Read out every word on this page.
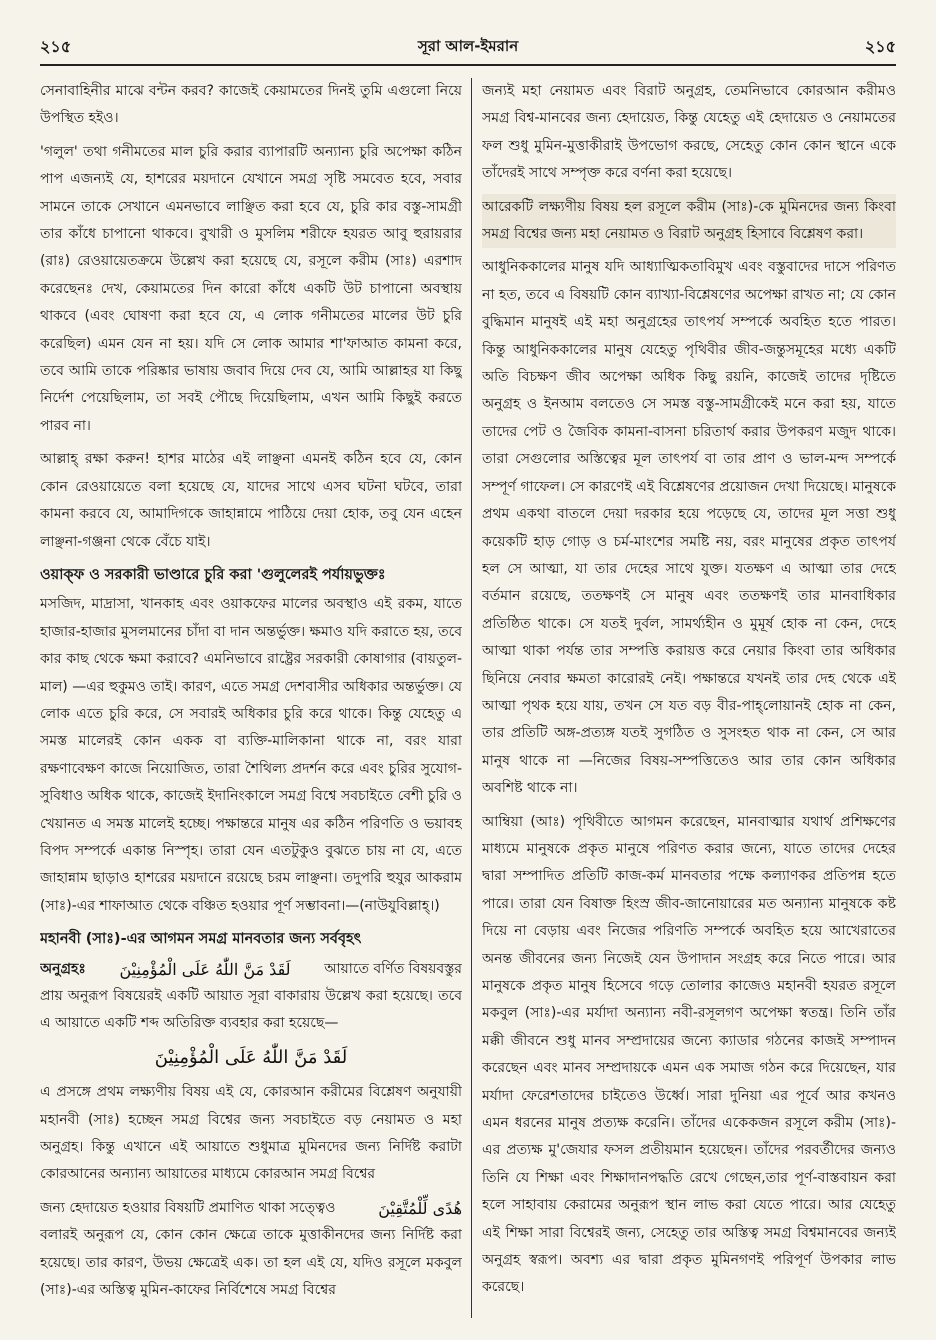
২১৫	সূরা আল-ইমরান	২১৫

সেনাবাহিনীর মাঝে বন্টন করব? কাজেই কেয়ামতের দিনই তুমি এগুলো নিয়ে উপস্থিত হইও।

'গলুল' তথা গনীমতের মাল চুরি করার ব্যাপারটি অন্যান্য চুরি অপেক্ষা কঠিন পাপ এজন্যই যে, হাশরের ময়দানে যেখানে সমগ্র সৃষ্টি সমবেত হবে, সবার সামনে তাকে সেখানে এমনভাবে লাঞ্ছিত করা হবে যে, চুরি কার বস্তু-সামগ্রী তার কাঁধে চাপানো থাকবে। বুখারী ও মুসলিম শরীফে হযরত আবু হুরায়রার (রাঃ) রেওয়ায়েতক্রমে উল্লেখ করা হয়েছে যে, রসূলে করীম (সাঃ) এরশাদ করেছেনঃ দেখ, কেয়ামতের দিন কারো কাঁধে একটি উট চাপানো অবস্থায় থাকবে (এবং ঘোষণা করা হবে যে, এ লোক গনীমতের মালের উট চুরি করেছিল) এমন যেন না হয়। যদি সে লোক আমার শা'ফাআত কামনা করে, তবে আমি তাকে পরিষ্কার ভাষায় জবাব দিয়ে দেব যে, আমি আল্লাহর যা কিছু নির্দেশ পেয়েছিলাম, তা সবই পৌছে দিয়েছিলাম, এখন আমি কিছুই করতে পারব না।

আল্লাহ্ রক্ষা করুন! হাশর মাঠের এই লাঞ্ছনা এমনই কঠিন হবে যে, কোন কোন রেওয়ায়েতে বলা হয়েছে যে, যাদের সাথে এসব ঘটনা ঘটবে, তারা কামনা করবে যে, আমাদিগকে জাহান্নামে পাঠিয়ে দেয়া হোক, তবু যেন এহেন লাঞ্ছনা-গঞ্জনা থেকে বেঁচে যাই।

ওয়াক্ফ ও সরকারী ভাণ্ডারে চুরি করা 'গুলুলেরই পর্যায়ভুক্তঃ

মসজিদ, মাদ্রাসা, খানকাহ এবং ওয়াকফের মালের অবস্থাও এই রকম, যাতে হাজার-হাজার মুসলমানের চাঁদা বা দান অন্তর্ভুক্ত। ক্ষমাও যদি করাতে হয়, তবে কার কাছ থেকে ক্ষমা করাবে? এমনিভাবে রাষ্ট্রের সরকারী কোষাগার (বায়তুল-মাল) —এর হুকুমও তাই। কারণ, এতে সমগ্র দেশবাসীর অধিকার অন্তর্ভুক্ত। যে লোক এতে চুরি করে, সে সবারই অধিকার চুরি করে থাকে। কিন্তু যেহেতু এ সমস্ত মালেরই কোন একক বা ব্যক্তি-মালিকানা থাকে না, বরং যারা রক্ষণাবেক্ষণ কাজে নিয়োজিত, তারা শৈথিল্য প্রদর্শন করে এবং চুরির সুযোগ-সুবিধাও অধিক থাকে, কাজেই ইদানিংকালে সমগ্র বিশ্বে সবচাইতে বেশী চুরি ও খেয়ানত এ সমস্ত মালেই হচ্ছে। পক্ষান্তরে মানুষ এর কঠিন পরিণতি ও ভয়াবহ বিপদ সম্পর্কে একান্ত নিস্পৃহ। তারা যেন এতটুকুও বুঝতে চায় না যে, এতে জাহান্নাম ছাড়াও হাশরের ময়দানে রয়েছে চরম লাঞ্ছনা। তদুপরি হুযুর আকরাম (সাঃ)-এর শাফাআত থেকে বঞ্চিত হওয়ার পূর্ণ সম্ভাবনা।—(নাউযুবিল্লাহ্।)

মহানবী (সাঃ)-এর আগমন সমগ্র মানবতার জন্য সর্ববৃহৎ
অনুগ্রহঃ لَقَدْ مَنَّ اللّٰهُ عَلَى الْمُؤْمِنِيْنَ আয়াতে বর্ণিত বিষয়বস্তুর

প্রায় অনুরূপ বিষয়েরই একটি আয়াত সূরা বাকারায় উল্লেখ করা হয়েছে। তবে এ আয়াতে একটি শব্দ অতিরিক্ত ব্যবহার করা হয়েছে—

لَقَدْ مَنَّ اللّٰهُ عَلَى الْمُؤْمِنِيْنَ

এ প্রসঙ্গে প্রথম লক্ষ্যণীয় বিষয় এই যে, কোরআন করীমের বিশ্লেষণ অনুযায়ী মহানবী (সাঃ) হচ্ছেন সমগ্র বিশ্বের জন্য সবচাইতে বড় নেয়ামত ও মহা অনুগ্রহ। কিন্তু এখানে এই আয়াতে শুধুমাত্র মুমিনদের জন্য নির্দিষ্ট করাটা কোরআনের অন্যান্য আয়াতের মাধ্যমে কোরআন সমগ্র বিশ্বের

জন্য হেদায়েত হওয়ার বিষয়টি প্রমাণিত থাকা সত্ত্বেও	هُدًى لِّلْمُتَّقِيْنَ

বলারই অনুরূপ যে, কোন কোন ক্ষেত্রে তাকে মুত্তাকীনদের জন্য নির্দিষ্ট করা হয়েছে। তার কারণ, উভয় ক্ষেত্রেই এক। তা হল এই যে, যদিও রসূলে মকবুল (সাঃ)-এর অস্তিত্ব মুমিন-কাফের নির্বিশেষে সমগ্র বিশ্বের

জন্যই মহা নেয়ামত এবং বিরাট অনুগ্রহ, তেমনিভাবে কোরআন করীমও সমগ্র বিশ্ব-মানবের জন্য হেদায়েত, কিন্তু যেহেতু এই হেদায়েত ও নেয়ামতের ফল শুধু মুমিন-মুত্তাকীরাই উপভোগ করছে, সেহেতু কোন কোন স্থানে একে তাঁদেরই সাথে সম্পৃক্ত করে বর্ণনা করা হয়েছে।

আরেকটি লক্ষ্যণীয় বিষয় হল রসূলে করীম (সাঃ)-কে মুমিনদের জন্য কিংবা সমগ্র বিশ্বের জন্য মহা নেয়ামত ও বিরাট অনুগ্রহ হিসাবে বিশ্লেষণ করা।

আধুনিককালের মানুষ যদি আধ্যাত্মিকতাবিমুখ এবং বস্তুবাদের দাসে পরিণত না হত, তবে এ বিষয়টি কোন ব্যাখ্যা-বিশ্লেষণের অপেক্ষা রাখত না; যে কোন বুদ্ধিমান মানুষই এই মহা অনুগ্রহের তাৎপর্য সম্পর্কে অবহিত হতে পারত। কিন্তু আধুনিককালের মানুষ যেহেতু পৃথিবীর জীব-জন্তুসমূহের মধ্যে একটি অতি বিচক্ষণ জীব অপেক্ষা অধিক কিছু রয়নি, কাজেই তাদের দৃষ্টিতে অনুগ্রহ ও ইনআম বলতেও সে সমস্ত বস্তু-সামগ্রীকেই মনে করা হয়, যাতে তাদের পেট ও জৈবিক কামনা-বাসনা চরিতার্থ করার উপকরণ মজুদ থাকে। তারা সেগুলোর অস্তিত্বের মূল তাৎপর্য বা তার প্রাণ ও ভাল-মন্দ সম্পর্কে সম্পূর্ণ গাফেল। সে কারণেই এই বিশ্লেষণের প্রয়োজন দেখা দিয়েছে। মানুষকে প্রথম একথা বাতলে দেয়া দরকার হয়ে পড়েছে যে, তাদের মূল সত্তা শুধু কয়েকটি হাড় গোড় ও চর্ম-মাংশের সমষ্টি নয়, বরং মানুষের প্রকৃত তাৎপর্য হল সে আত্মা, যা তার দেহের সাথে যুক্ত। যতক্ষণ এ আত্মা তার দেহে বর্তমান রয়েছে, ততক্ষণই সে মানুষ এবং ততক্ষণই তার মানবাধিকার প্রতিষ্ঠিত থাকে। সে যতই দুর্বল, সামর্থ্যহীন ও মুমূর্ষ হোক না কেন, দেহে আত্মা থাকা পর্যন্ত তার সম্পত্তি করায়ত্ত করে নেয়ার কিংবা তার অধিকার ছিনিয়ে নেবার ক্ষমতা কারোরই নেই। পক্ষান্তরে যখনই তার দেহ থেকে এই আত্মা পৃথক হয়ে যায়, তখন সে যত বড় বীর-পাহ্‌লোয়ানই হোক না কেন, তার প্রতিটি অঙ্গ-প্রত্যঙ্গ যতই সুগঠিত ও সুসংহত থাক না কেন, সে আর মানুষ থাকে না —নিজের বিষয়-সম্পত্তিতেও আর তার কোন অধিকার অবশিষ্ট থাকে না।

আম্বিয়া (আঃ) পৃথিবীতে আগমন করেছেন, মানবাত্মার যথার্থ প্রশিক্ষণের মাধ্যমে মানুষকে প্রকৃত মানুষে পরিণত করার জন্যে, যাতে তাদের দেহের দ্বারা সম্পাদিত প্রতিটি কাজ-কর্ম মানবতার পক্ষে কল্যাণকর প্রতিপন্ন হতে পারে। তারা যেন বিষাক্ত হিংস্র জীব-জানোয়ারের মত অন্যান্য মানুষকে কষ্ট দিয়ে না বেড়ায় এবং নিজের পরিণতি সম্পর্কে অবহিত হয়ে আখেরাতের অনন্ত জীবনের জন্য নিজেই যেন উপাদান সংগ্রহ করে নিতে পারে। আর মানুষকে প্রকৃত মানুষ হিসেবে গড়ে তোলার কাজেও মহানবী হযরত রসূলে মকবুল (সাঃ)-এর মর্যাদা অন্যান্য নবী-রসূলগণ অপেক্ষা স্বতন্ত্র। তিনি তাঁর মক্কী জীবনে শুধু মানব সম্প্রদায়ের জন্যে ক্যাডার গঠনের কাজই সম্পাদন করেছেন এবং মানব সম্প্রদায়কে এমন এক সমাজ গঠন করে দিয়েছেন, যার মর্যাদা ফেরেশতাদের চাইতেও উর্ধ্বে। সারা দুনিয়া এর পূর্বে আর কখনও এমন ধরনের মানুষ প্রত্যক্ষ করেনি। তাঁদের একেকজন রসূলে করীম (সাঃ)-এর প্রত্যক্ষ মু'জেযার ফসল প্রতীয়মান হয়েছেন। তাঁদের পরবর্তীদের জন্যও তিনি যে শিক্ষা এবং শিক্ষাদানপদ্ধতি রেখে গেছেন,তার পূর্ণ-বাস্তবায়ন করা হলে সাহাবায় কেরামের অনুরূপ স্থান লাভ করা যেতে পারে। আর যেহেতু এই শিক্ষা সারা বিশ্বেরই জন্য, সেহেতু তার অস্তিত্ব সমগ্র বিশ্বমানবের জন্যই অনুগ্রহ স্বরূপ। অবশ্য এর দ্বারা প্রকৃত মুমিনগণই পরিপূর্ণ উপকার লাভ করেছে।
